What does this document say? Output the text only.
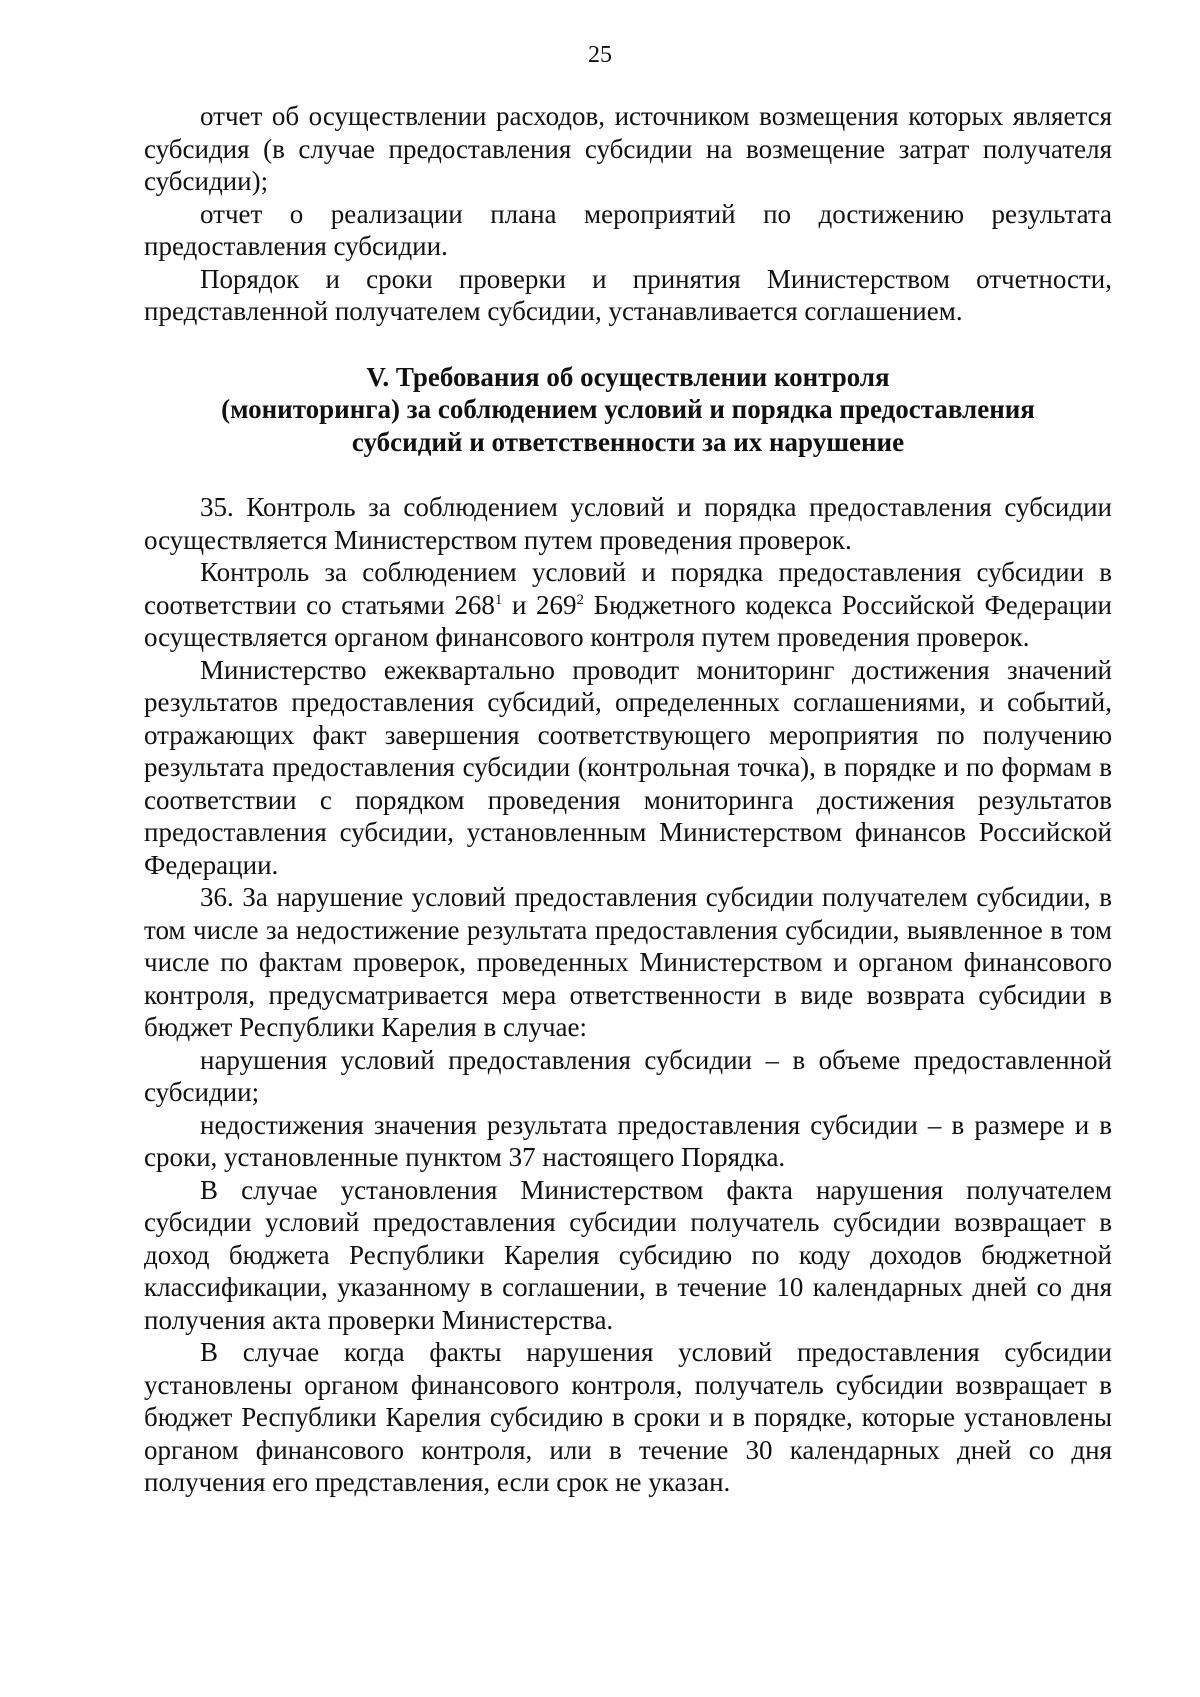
25

отчет об осуществлении расходов, источником возмещения которых является субсидия (в случае предоставления субсидии на возмещение затрат получателя субсидии);

отчет о реализации плана мероприятий по достижению результата предоставления субсидии.

Порядок и сроки проверки и принятия Министерством отчетности, представленной получателем субсидии, устанавливается соглашением.

V. Требования об осуществлении контроля
(мониторинга) за соблюдением условий и порядка предоставления
субсидий и ответственности за их нарушение

35. Контроль за соблюдением условий и порядка предоставления субсидии осуществляется Министерством путем проведения проверок.

Контроль за соблюдением условий и порядка предоставления субсидии в соответствии со статьями $268^1$ и $269^2$ Бюджетного кодекса Российской Федерации осуществляется органом финансового контроля путем проведения проверок.

Министерство ежеквартально проводит мониторинг достижения значений результатов предоставления субсидий, определенных соглашениями, и событий, отражающих факт завершения соответствующего мероприятия по получению результата предоставления субсидии (контрольная точка), в порядке и по формам в соответствии с порядком проведения мониторинга достижения результатов предоставления субсидии, установленным Министерством финансов Российской Федерации.

36. За нарушение условий предоставления субсидии получателем субсидии, в том числе за недостижение результата предоставления субсидии, выявленное в том числе по фактам проверок, проведенных Министерством и органом финансового контроля, предусматривается мера ответственности в виде возврата субсидии в бюджет Республики Карелия в случае:

нарушения условий предоставления субсидии – в объеме предоставленной субсидии;

недостижения значения результата предоставления субсидии – в размере и в сроки, установленные пунктом 37 настоящего Порядка.

В случае установления Министерством факта нарушения получателем субсидии условий предоставления субсидии получатель субсидии возвращает в доход бюджета Республики Карелия субсидию по коду доходов бюджетной классификации, указанному в соглашении, в течение 10 календарных дней со дня получения акта проверки Министерства.

В случае когда факты нарушения условий предоставления субсидии установлены органом финансового контроля, получатель субсидии возвращает в бюджет Республики Карелия субсидию в сроки и в порядке, которые установлены органом финансового контроля, или в течение 30 календарных дней со дня получения его представления, если срок не указан.
